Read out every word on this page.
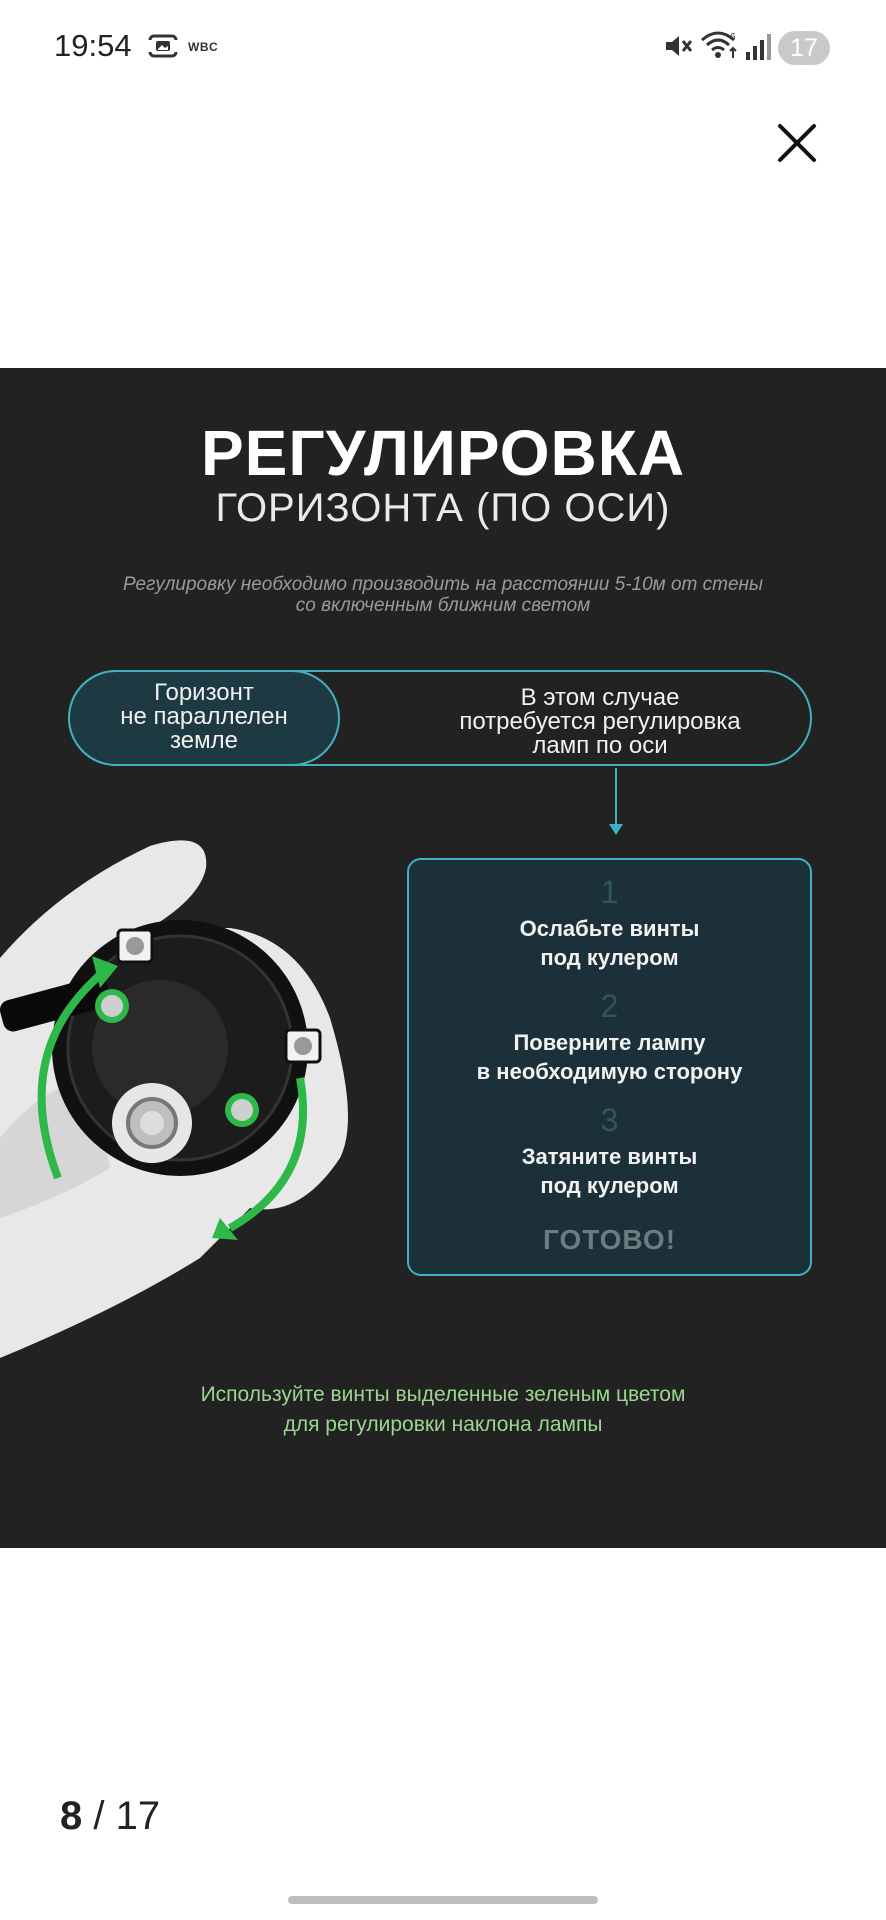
19:54	WBC
6	17
РЕГУЛИРОВКА
ГОРИЗОНТА (ПО ОСИ)
Регулировку необходимо производить на расстоянии 5-10м от стены
со включенным ближним светом
Горизонт
не параллелен
земле
В этом случае
потребуется регулировка
ламп по оси
1
Ослабьте винты
под кулером
2
Поверните лампу
в необходимую сторону
3
Затяните винты
под кулером
ГОТОВО!
Используйте винты выделенные зеленым цветом
для регулировки наклона лампы
8 / 17
